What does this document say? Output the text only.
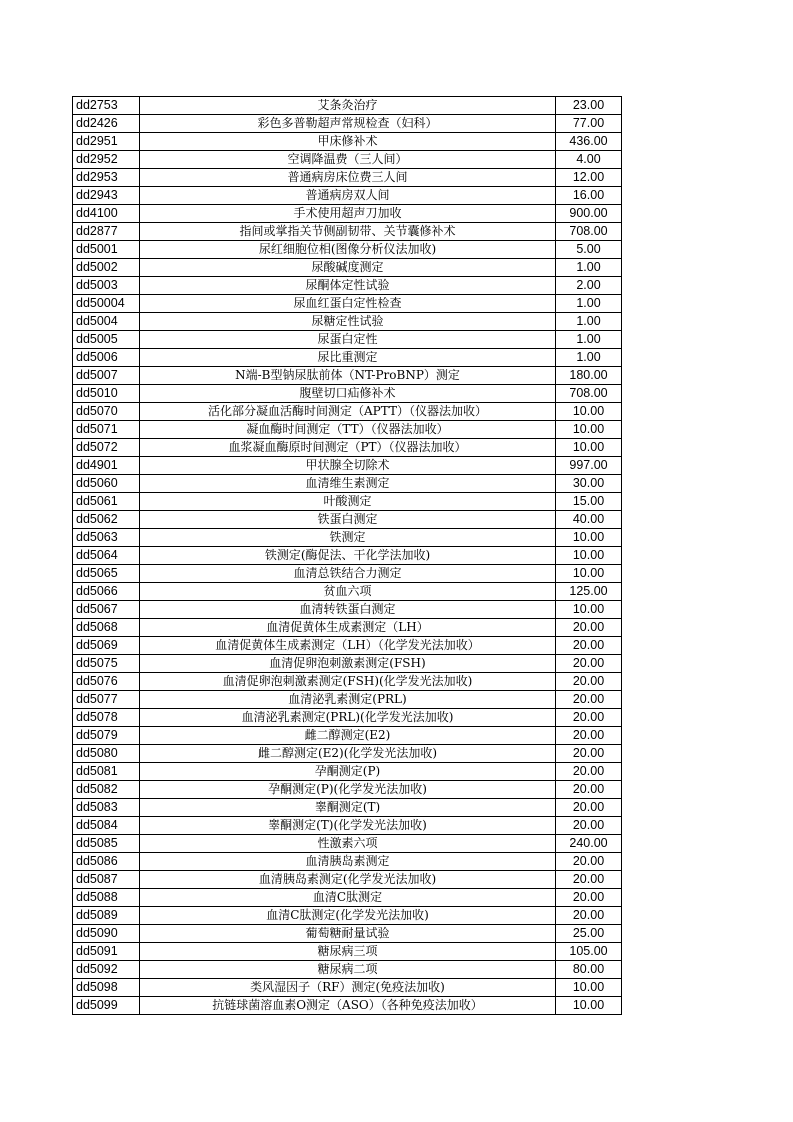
dd2753	艾条灸治疗	23.00
dd2426	彩色多普勒超声常规检查（妇科）	77.00
dd2951	甲床修补术	436.00
dd2952	空调降温费（三人间）	4.00
dd2953	普通病房床位费三人间	12.00
dd2943	普通病房双人间	16.00
dd4100	手术使用超声刀加收	900.00
dd2877	指间或掌指关节侧副韧带、关节囊修补术	708.00
dd5001	尿红细胞位相(图像分析仪法加收)	5.00
dd5002	尿酸碱度测定	1.00
dd5003	尿酮体定性试验	2.00
dd50004	尿血红蛋白定性检查	1.00
dd5004	尿糖定性试验	1.00
dd5005	尿蛋白定性	1.00
dd5006	尿比重测定	1.00
dd5007	N端-B型钠尿肽前体（NT-ProBNP）测定	180.00
dd5010	腹壁切口疝修补术	708.00
dd5070	活化部分凝血活酶时间测定（APTT）（仪器法加收）	10.00
dd5071	凝血酶时间测定（TT）（仪器法加收）	10.00
dd5072	血浆凝血酶原时间测定（PT）（仪器法加收）	10.00
dd4901	甲状腺全切除术	997.00
dd5060	血清维生素测定	30.00
dd5061	叶酸测定	15.00
dd5062	铁蛋白测定	40.00
dd5063	铁测定	10.00
dd5064	铁测定(酶促法、干化学法加收)	10.00
dd5065	血清总铁结合力测定	10.00
dd5066	贫血六项	125.00
dd5067	血清转铁蛋白测定	10.00
dd5068	血清促黄体生成素测定（LH）	20.00
dd5069	血清促黄体生成素测定（LH）（化学发光法加收）	20.00
dd5075	血清促卵泡刺激素测定(FSH)	20.00
dd5076	血清促卵泡刺激素测定(FSH)(化学发光法加收)	20.00
dd5077	血清泌乳素测定(PRL)	20.00
dd5078	血清泌乳素测定(PRL)(化学发光法加收)	20.00
dd5079	雌二醇测定(E2)	20.00
dd5080	雌二醇测定(E2)(化学发光法加收)	20.00
dd5081	孕酮测定(P)	20.00
dd5082	孕酮测定(P)(化学发光法加收)	20.00
dd5083	睾酮测定(T)	20.00
dd5084	睾酮测定(T)(化学发光法加收)	20.00
dd5085	性激素六项	240.00
dd5086	血清胰岛素测定	20.00
dd5087	血清胰岛素测定(化学发光法加收)	20.00
dd5088	血清C肽测定	20.00
dd5089	血清C肽测定(化学发光法加收)	20.00
dd5090	葡萄糖耐量试验	25.00
dd5091	糖尿病三项	105.00
dd5092	糖尿病二项	80.00
dd5098	类风湿因子（RF）测定(免疫法加收)	10.00
dd5099	抗链球菌溶血素O测定（ASO）（各种免疫法加收）	10.00
